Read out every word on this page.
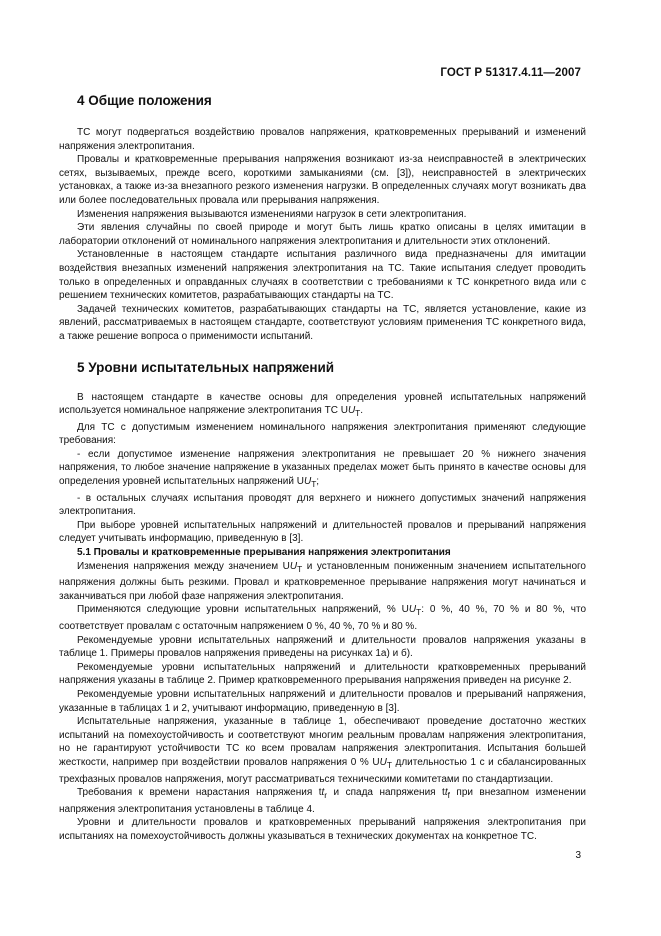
ГОСТ Р 51317.4.11—2007
4 Общие положения

ТС могут подвергаться воздействию провалов напряжения, кратковременных прерываний и изменений напряжения электропитания.

Провалы и кратковременные прерывания напряжения возникают из-за неисправностей в электрических сетях, вызываемых, прежде всего, короткими замыканиями (см. [3]), неисправностей в электрических установках, а также из-за внезапного резкого изменения нагрузки. В определенных случаях могут возникать два или более последовательных провала или прерывания напряжения.

Изменения напряжения вызываются изменениями нагрузок в сети электропитания.

Эти явления случайны по своей природе и могут быть лишь кратко описаны в целях имитации в лаборатории отклонений от номинального напряжения электропитания и длительности этих отклонений.

Установленные в настоящем стандарте испытания различного вида предназначены для имитации воздействия внезапных изменений напряжения электропитания на ТС. Такие испытания следует проводить только в определенных и оправданных случаях в соответствии с требованиями к ТС конкретного вида или с решением технических комитетов, разрабатывающих стандарты на ТС.

Задачей технических комитетов, разрабатывающих стандарты на ТС, является установление, какие из явлений, рассматриваемых в настоящем стандарте, соответствуют условиям применения ТС конкретного вида, а также решение вопроса о применимости испытаний.

5 Уровни испытательных напряжений

В настоящем стандарте в качестве основы для определения уровней испытательных напряжений используется номинальное напряжение электропитания ТС $UU_T$.

Для ТС с допустимым изменением номинального напряжения электропитания применяют следующие требования:

- если допустимое изменение напряжения электропитания не превышает 20 % нижнего значения напряжения, то любое значение напряжение в указанных пределах может быть принято в качестве основы для определения уровней испытательных напряжений $UU_T$;

- в остальных случаях испытания проводят для верхнего и нижнего допустимых значений напряжения электропитания.

При выборе уровней испытательных напряжений и длительностей провалов и прерываний напряжения следует учитывать информацию, приведенную в [3].

5.1 Провалы и кратковременные прерывания напряжения электропитания

Изменения напряжения между значением $UU_T$ и установленным пониженным значением испытательного напряжения должны быть резкими. Провал и кратковременное прерывание напряжения могут начинаться и заканчиваться при любой фазе напряжения электропитания.

Применяются следующие уровни испытательных напряжений, % $UU_T$: 0 %, 40 %, 70 % и 80 %, что соответствует провалам с остаточным напряжением 0 %, 40 %, 70 % и 80 %.

Рекомендуемые уровни испытательных напряжений и длительности провалов напряжения указаны в таблице 1. Примеры провалов напряжения приведены на рисунках 1а) и б).

Рекомендуемые уровни испытательных напряжений и длительности кратковременных прерываний напряжения указаны в таблице 2. Пример кратковременного прерывания напряжения приведен на рисунке 2.

Рекомендуемые уровни испытательных напряжений и длительности провалов и прерываний напряжения, указанные в таблицах 1 и 2, учитывают информацию, приведенную в [3].

Испытательные напряжения, указанные в таблице 1, обеспечивают проведение достаточно жестких испытаний на помехоустойчивость и соответствуют многим реальным провалам напряжения электропитания, но не гарантируют устойчивости ТС ко всем провалам напряжения электропитания. Испытания большей жесткости, например при воздействии провалов напряжения 0 % $UU_T$ длительностью 1 с и сбалансированных трехфазных провалов напряжения, могут рассматриваться техническими комитетами по стандартизации.

Требования к времени нарастания напряжения $tt_r$ и спада напряжения $tt_f$ при внезапном изменении напряжения электропитания установлены в таблице 4.

Уровни и длительности провалов и кратковременных прерываний напряжения электропитания при испытаниях на помехоустойчивость должны указываться в технических документах на конкретное ТС.

3
